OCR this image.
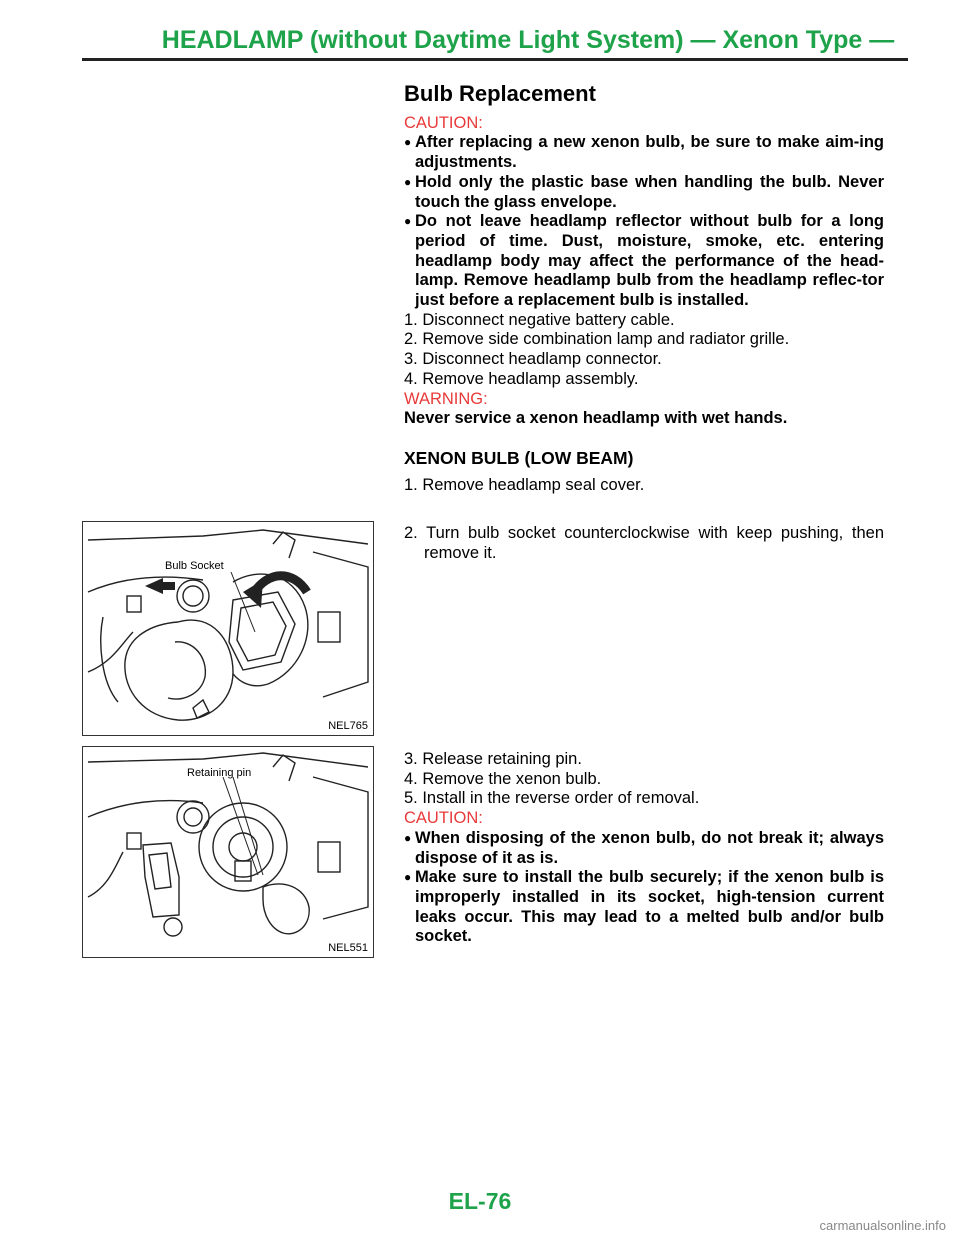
HEADLAMP (without Daytime Light System) — Xenon Type —
Bulb Replacement
CAUTION:
● After replacing a new xenon bulb, be sure to make aim-ing adjustments.
● Hold only the plastic base when handling the bulb. Never touch the glass envelope.
● Do not leave headlamp reflector without bulb for a long period of time. Dust, moisture, smoke, etc. entering headlamp body may affect the performance of the head-lamp. Remove headlamp bulb from the headlamp reflec-tor just before a replacement bulb is installed.
1. Disconnect negative battery cable.
2. Remove side combination lamp and radiator grille.
3. Disconnect headlamp connector.
4. Remove headlamp assembly.
WARNING:
Never service a xenon headlamp with wet hands.
XENON BULB (LOW BEAM)
1. Remove headlamp seal cover.
2. Turn bulb socket counterclockwise with keep pushing, then remove it.
3. Release retaining pin.
4. Remove the xenon bulb.
5. Install in the reverse order of removal.
CAUTION:
● When disposing of the xenon bulb, do not break it; always dispose of it as is.
● Make sure to install the bulb securely; if the xenon bulb is improperly installed in its socket, high-tension current leaks occur. This may lead to a melted bulb and/or bulb socket.
Bulb Socket
NEL765
Retaining pin
NEL551
EL-76
carmanualsonline.info
